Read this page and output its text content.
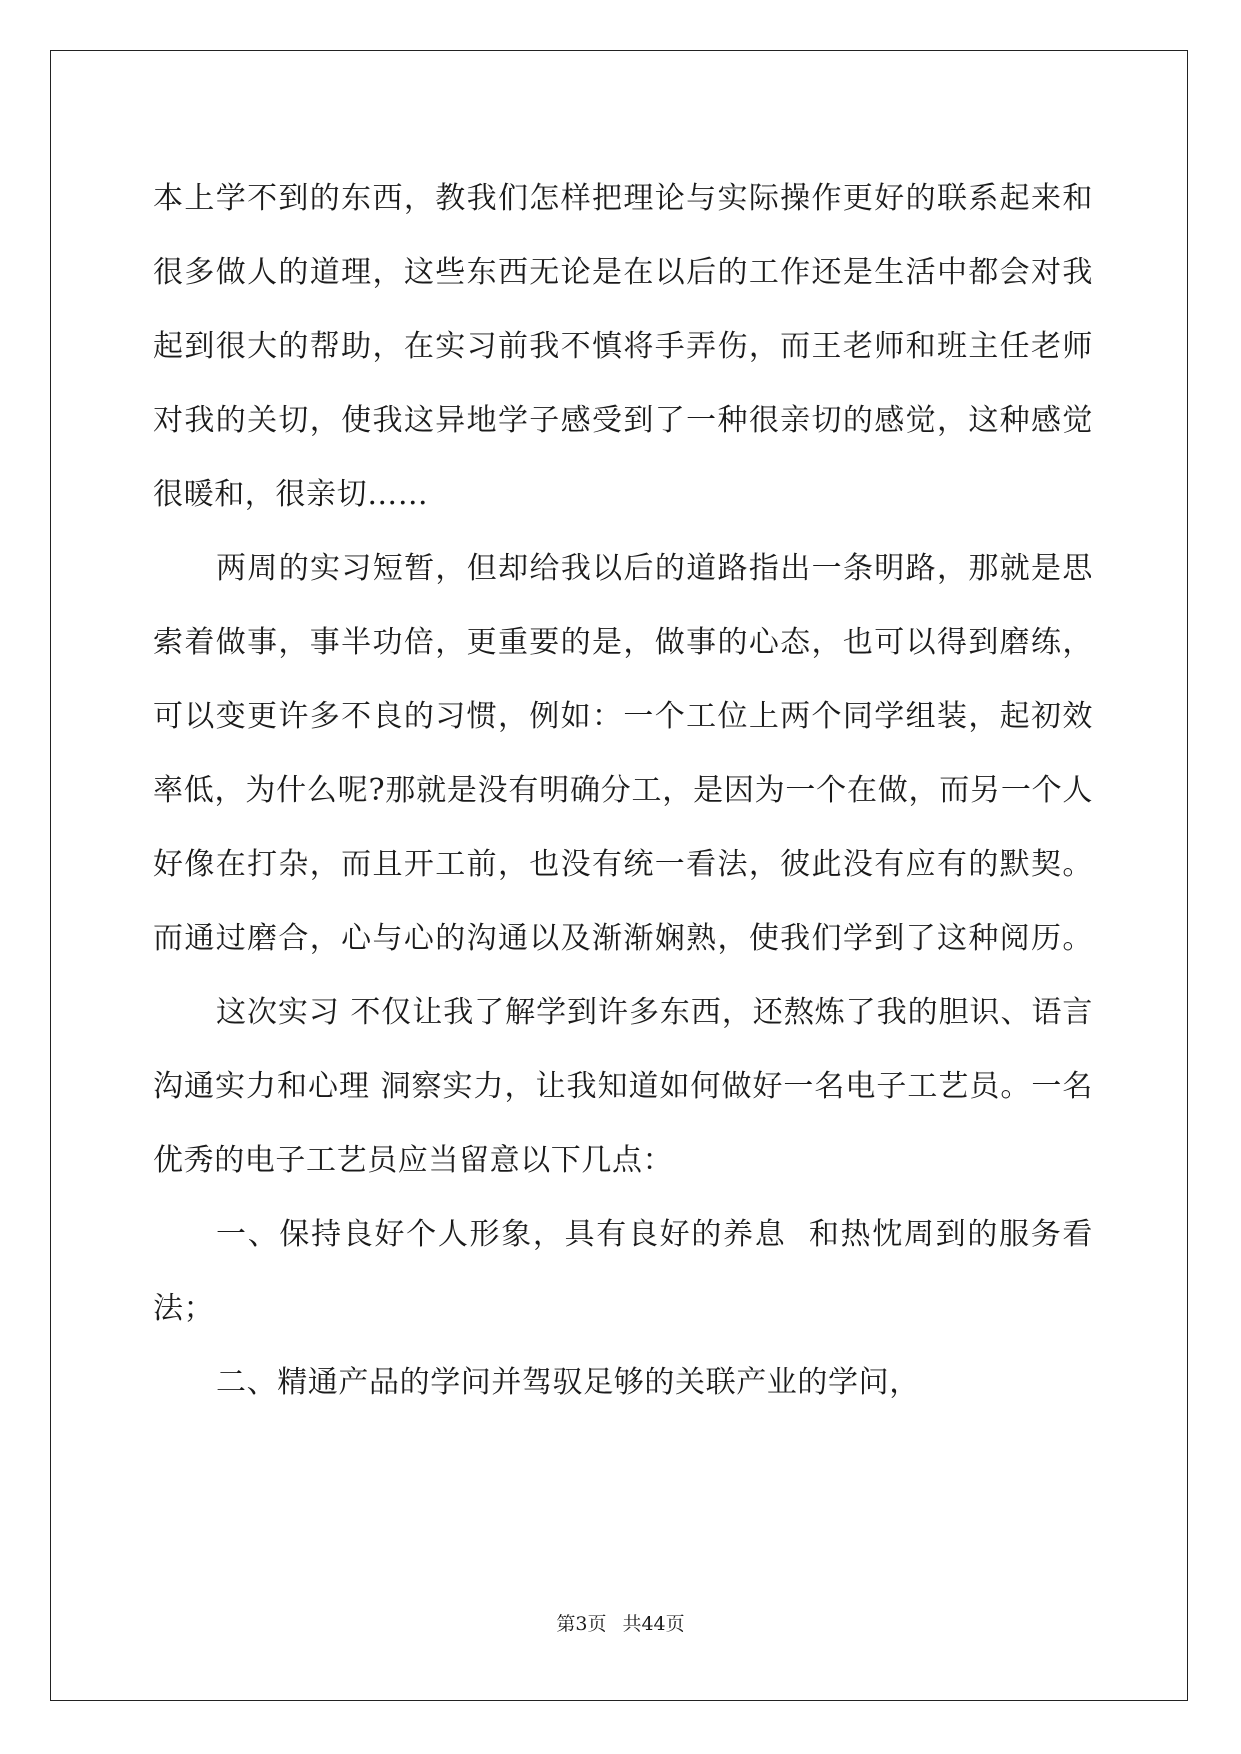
本上学不到的东西，教我们怎样把理论与实际操作更好的联系起来和
很多做人的道理，这些东西无论是在以后的工作还是生活中都会对我
起到很大的帮助，在实习前我不慎将手弄伤，而王老师和班主任老师
对我的关切，使我这异地学子感受到了一种很亲切的感觉，这种感觉
很暖和，很亲切……
两周的实习短暂，但却给我以后的道路指出一条明路，那就是思
索着做事，事半功倍，更重要的是，做事的心态，也可以得到磨练，
可以变更许多不良的习惯，例如：一个工位上两个同学组装，起初效
率低，为什么呢?那就是没有明确分工，是因为一个在做，而另一个人
好像在打杂，而且开工前，也没有统一看法，彼此没有应有的默契。
而通过磨合，心与心的沟通以及渐渐娴熟，使我们学到了这种阅历。
这次实习 不仅让我了解学到许多东西，还熬炼了我的胆识、语言
沟通实力和心理 洞察实力，让我知道如何做好一名电子工艺员。一名
优秀的电子工艺员应当留意以下几点：
一、保持良好个人形象，具有良好的养息  和热忱周到的服务看
法；
二、精通产品的学问并驾驭足够的关联产业的学问，
第3页 共44页
